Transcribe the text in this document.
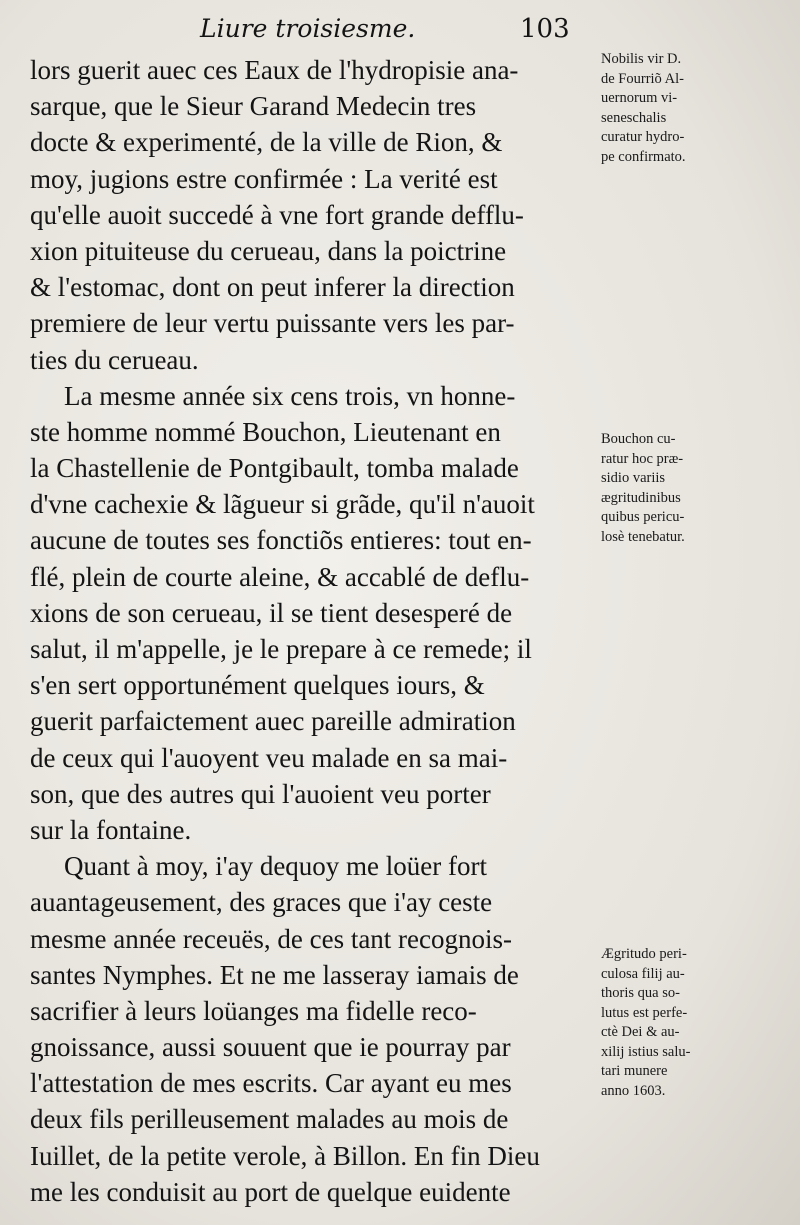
Liure troisiesme.	103
lors guerit auec ces Eaux de l'hydropisie ana-
sarque, que le Sieur Garand Medecin tres
docte & experimenté, de la ville de Rion, &
moy, jugions estre confirmée : La verité est
qu'elle auoit succedé à vne fort grande defflu-
xion pituiteuse du cerueau, dans la poictrine
& l'estomac, dont on peut inferer la direction
premiere de leur vertu puissante vers les par-
ties du cerueau.
La mesme année six cens trois, vn honne-
ste homme nommé Bouchon, Lieutenant en
la Chastellenie de Pontgibault, tomba malade
d'vne cachexie & lãgueur si grãde, qu'il n'auoit
aucune de toutes ses fonctiõs entieres: tout en-
flé, plein de courte aleine, & accablé de deflu-
xions de son cerueau, il se tient desesperé de
salut, il m'appelle, je le prepare à ce remede; il
s'en sert opportunément quelques iours, &
guerit parfaictement auec pareille admiration
de ceux qui l'auoyent veu malade en sa mai-
son, que des autres qui l'auoient veu porter
sur la fontaine.
Quant à moy, i'ay dequoy me loüer fort
auantageusement, des graces que i'ay ceste
mesme année receuës, de ces tant recognois-
santes Nymphes. Et ne me lasseray iamais de
sacrifier à leurs loüanges ma fidelle reco-
gnoissance, aussi souuent que ie pourray par
l'attestation de mes escrits. Car ayant eu mes
deux fils perilleusement malades au mois de
Iuillet, de la petite verole, à Billon. En fin Dieu
me les conduisit au port de quelque euidente
Nobilis vir D.
de Fourriõ Al-
uernorum vi-
seneschalis
curatur hydro-
pe confirmato.
Bouchon cu-
ratur hoc præ-
sidio variis
ægritudinibus
quibus pericu-
losè tenebatur.
Ægritudo peri-
culosa filij au-
thoris qua so-
lutus est perfe-
ctè Dei & au-
xilij istius salu-
tari munere
anno 1603.
